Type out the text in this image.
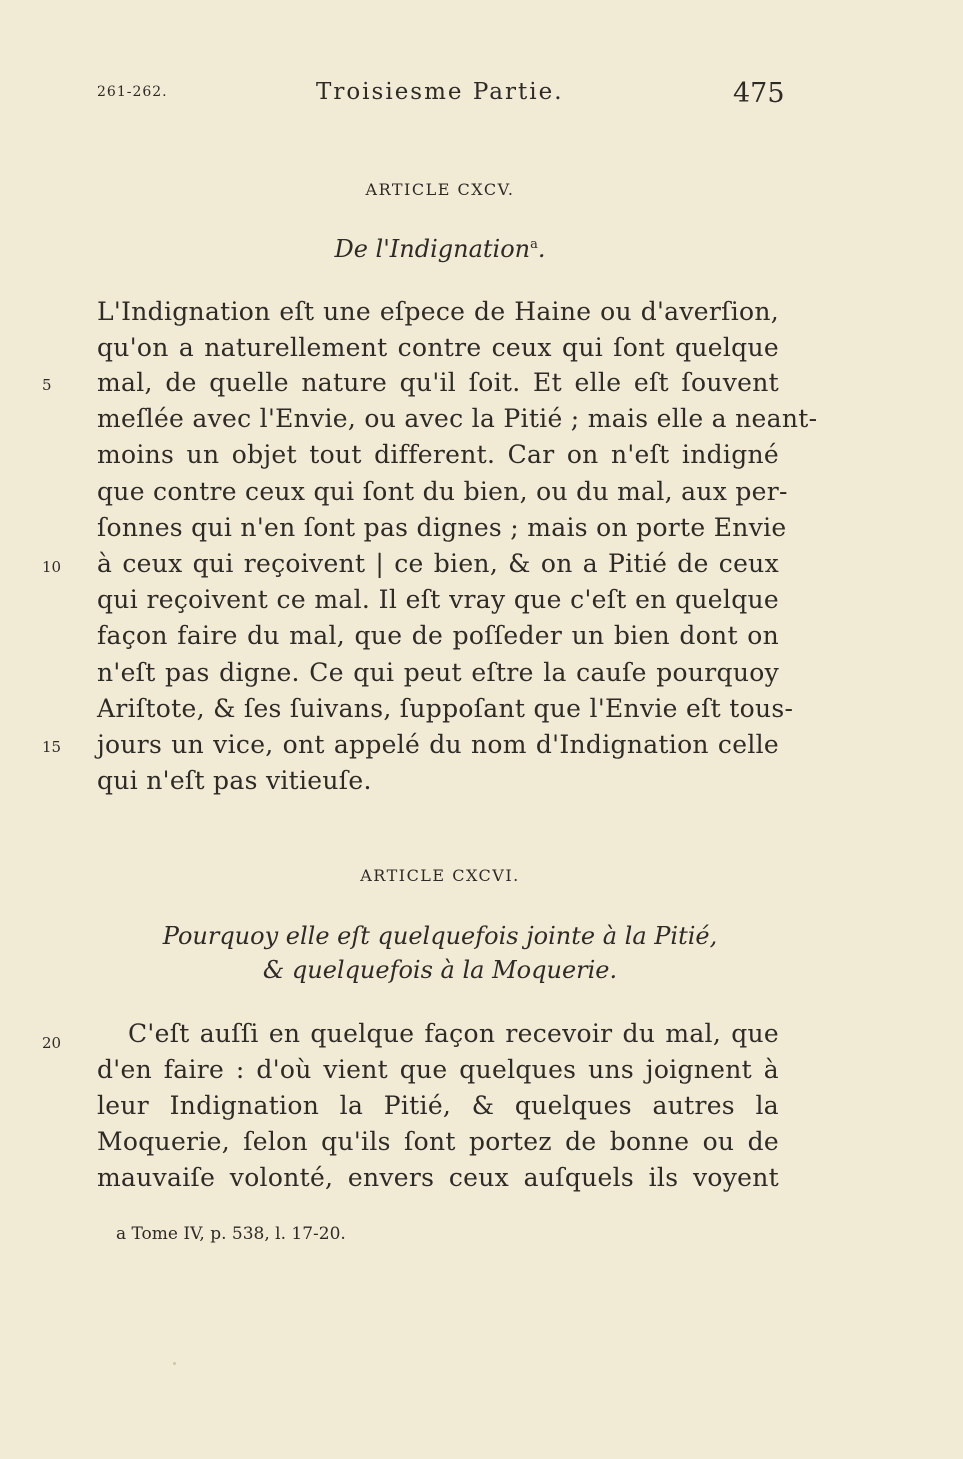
261-262.	Troisiesme Partie.	475
ARTICLE CXCV.
De l'Indignation$^a$.
L'Indignation eſt une eſpece de Haine ou d'averſion,
qu'on a naturellement contre ceux qui ſont quelque
5 mal, de quelle nature qu'il ſoit. Et elle eſt ſouvent
meſlée avec l'Envie, ou avec la Pitié ; mais elle a neant-
moins un objet tout different. Car on n'eſt indigné
que contre ceux qui ſont du bien, ou du mal, aux per-
ſonnes qui n'en ſont pas dignes ; mais on porte Envie
10 à ceux qui reçoivent | ce bien, & on a Pitié de ceux
qui reçoivent ce mal. Il eſt vray que c'eſt en quelque
façon faire du mal, que de poſſeder un bien dont on
n'eſt pas digne. Ce qui peut eſtre la cauſe pourquoy
Ariſtote, & ſes ſuivans, ſuppoſant que l'Envie eſt tous-
15 jours un vice, ont appelé du nom d'Indignation celle
qui n'eſt pas vitieuſe.
ARTICLE CXCVI.
Pourquoy elle eſt quelquefois jointe à la Pitié,
& quelquefois à la Moquerie.
20	C'eſt auſſi en quelque façon recevoir du mal, que
d'en faire : d'où vient que quelques uns joignent à
leur Indignation la Pitié, & quelques autres la
Moquerie, ſelon qu'ils ſont portez de bonne ou de
mauvaiſe volonté, envers ceux auſquels ils voyent
a Tome IV, p. 538, l. 17-20.
